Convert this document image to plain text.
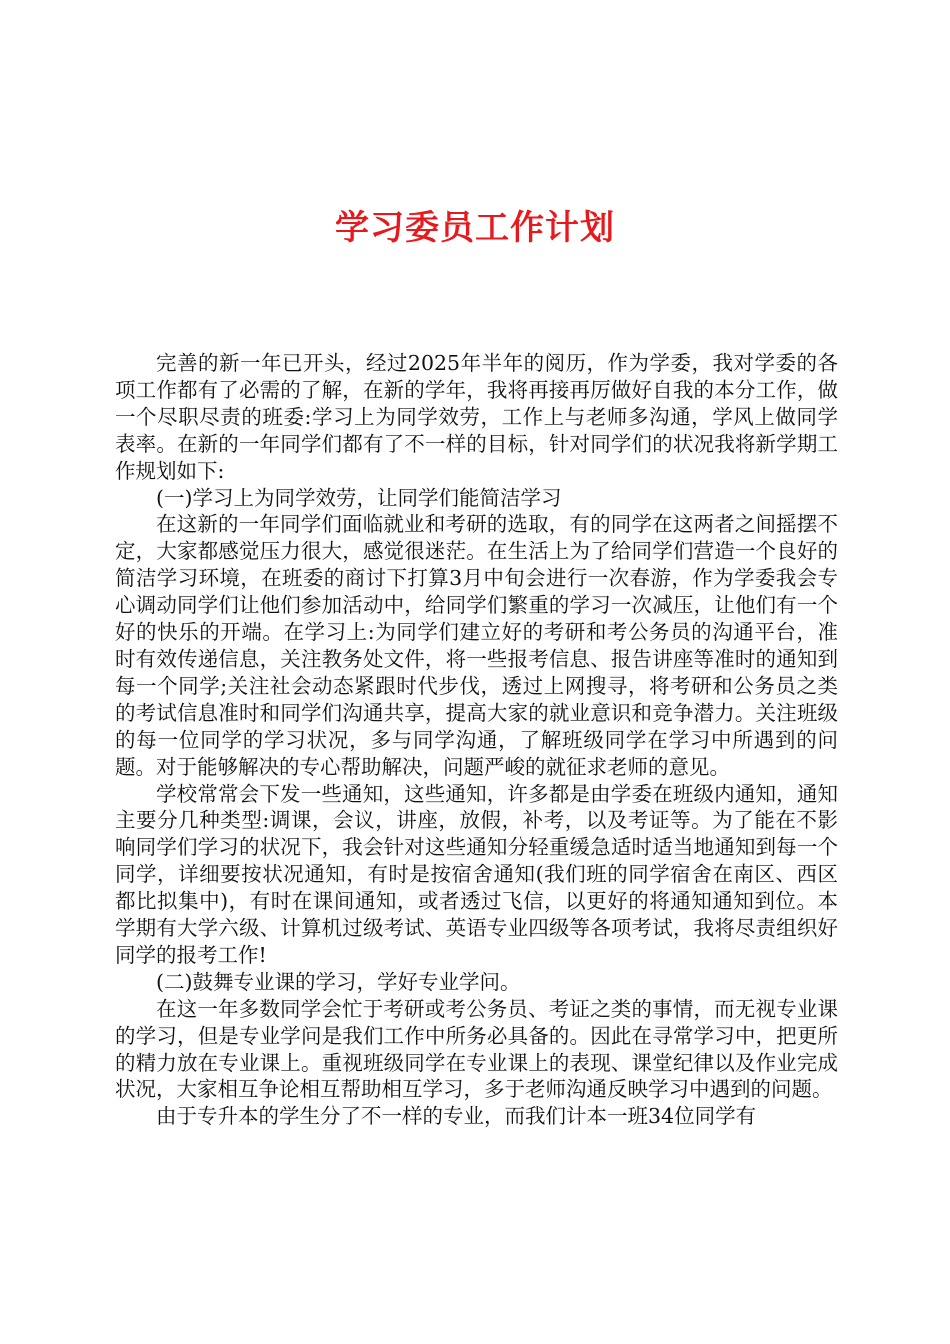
学习委员工作计划

完善的新一年已开头，经过2025年半年的阅历，作为学委，我对学委的各项工作都有了必需的了解，在新的学年，我将再接再厉做好自我的本分工作，做一个尽职尽责的班委:学习上为同学效劳，工作上与老师多沟通，学风上做同学表率。在新的一年同学们都有了不一样的目标，针对同学们的状况我将新学期工作规划如下:

(一)学习上为同学效劳，让同学们能简洁学习

在这新的一年同学们面临就业和考研的选取，有的同学在这两者之间摇摆不定，大家都感觉压力很大，感觉很迷茫。在生活上为了给同学们营造一个良好的简洁学习环境，在班委的商讨下打算3月中旬会进行一次春游，作为学委我会专心调动同学们让他们参加活动中，给同学们繁重的学习一次减压，让他们有一个好的快乐的开端。在学习上:为同学们建立好的考研和考公务员的沟通平台，准时有效传递信息，关注教务处文件，将一些报考信息、报告讲座等准时的通知到每一个同学;关注社会动态紧跟时代步伐，透过上网搜寻，将考研和公务员之类的考试信息准时和同学们沟通共享，提高大家的就业意识和竞争潜力。关注班级的每一位同学的学习状况，多与同学沟通，了解班级同学在学习中所遇到的问题。对于能够解决的专心帮助解决，问题严峻的就征求老师的意见。

学校常常会下发一些通知，这些通知，许多都是由学委在班级内通知，通知主要分几种类型:调课，会议，讲座，放假，补考，以及考证等。为了能在不影响同学们学习的状况下，我会针对这些通知分轻重缓急适时适当地通知到每一个同学，详细要按状况通知，有时是按宿舍通知(我们班的同学宿舍在南区、西区都比拟集中)，有时在课间通知，或者透过飞信，以更好的将通知通知到位。本学期有大学六级、计算机过级考试、英语专业四级等各项考试，我将尽责组织好同学的报考工作!

(二)鼓舞专业课的学习，学好专业学问。

在这一年多数同学会忙于考研或考公务员、考证之类的事情，而无视专业课的学习，但是专业学问是我们工作中所务必具备的。因此在寻常学习中，把更所的精力放在专业课上。重视班级同学在专业课上的表现、课堂纪律以及作业完成状况，大家相互争论相互帮助相互学习，多于老师沟通反映学习中遇到的问题。

由于专升本的学生分了不一样的专业，而我们计本一班34位同学有
